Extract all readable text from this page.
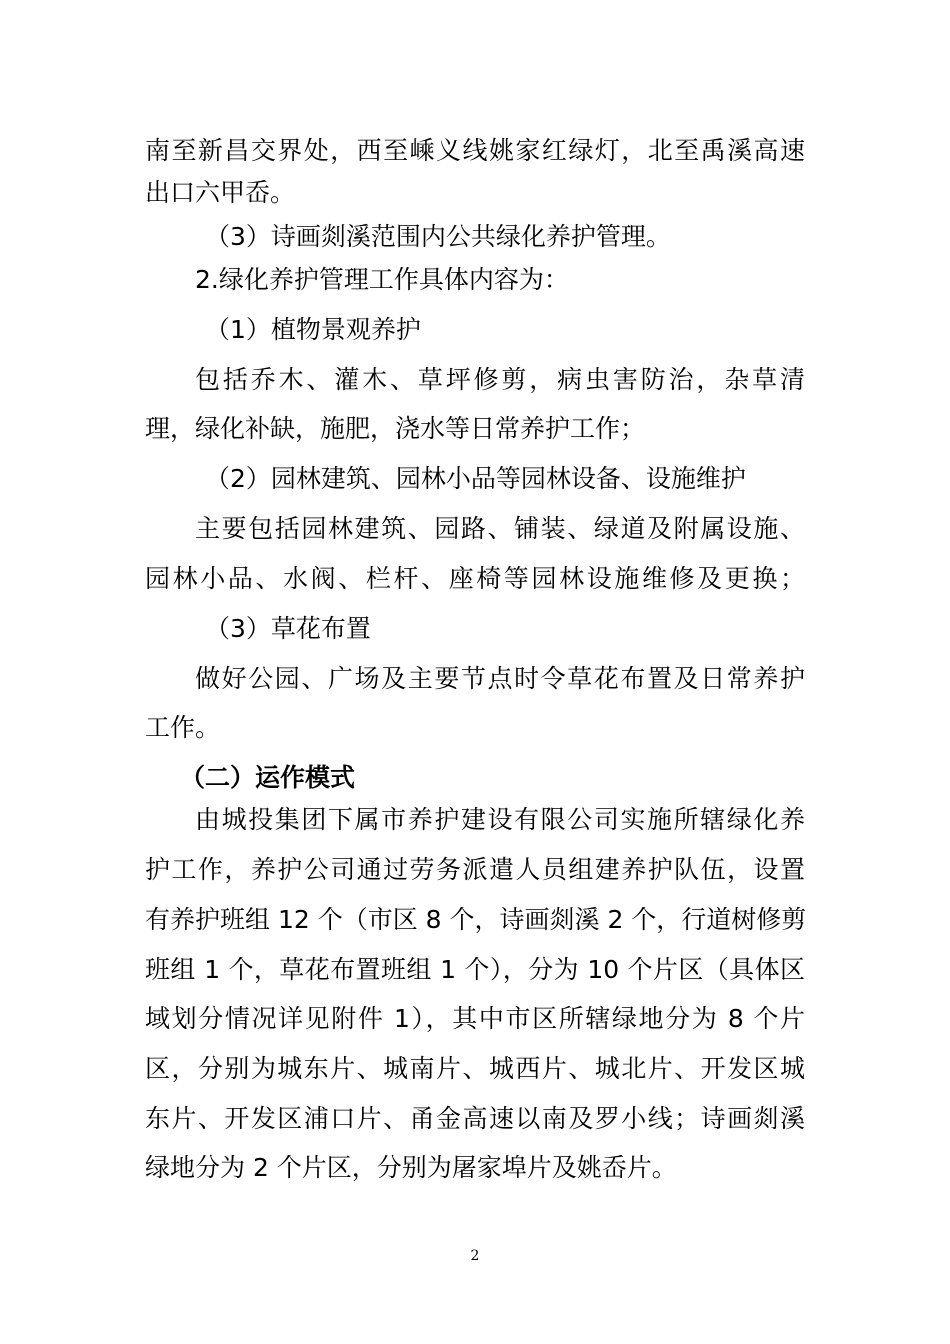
南至新昌交界处，西至嵊义线姚家红绿灯，北至禹溪高速
出口六甲岙。
（3）诗画剡溪范围内公共绿化养护管理。
2.绿化养护管理工作具体内容为：
（1）植物景观养护
包括乔木、灌木、草坪修剪，病虫害防治，杂草清
理，绿化补缺，施肥，浇水等日常养护工作；
（2）园林建筑、园林小品等园林设备、设施维护
主要包括园林建筑、园路、铺装、绿道及附属设施、
园林小品、水阀、栏杆、座椅等园林设施维修及更换；
（3）草花布置
做好公园、广场及主要节点时令草花布置及日常养护
工作。
（二）运作模式
由城投集团下属市养护建设有限公司实施所辖绿化养
护工作，养护公司通过劳务派遣人员组建养护队伍，设置
有养护班组 12 个（市区 8 个，诗画剡溪 2 个，行道树修剪
班组 1 个，草花布置班组 1 个），分为 10 个片区（具体区
域划分情况详见附件 1），其中市区所辖绿地分为 8 个片
区，分别为城东片、城南片、城西片、城北片、开发区城
东片、开发区浦口片、甬金高速以南及罗小线；诗画剡溪
绿地分为 2 个片区，分别为屠家埠片及姚岙片。
2
